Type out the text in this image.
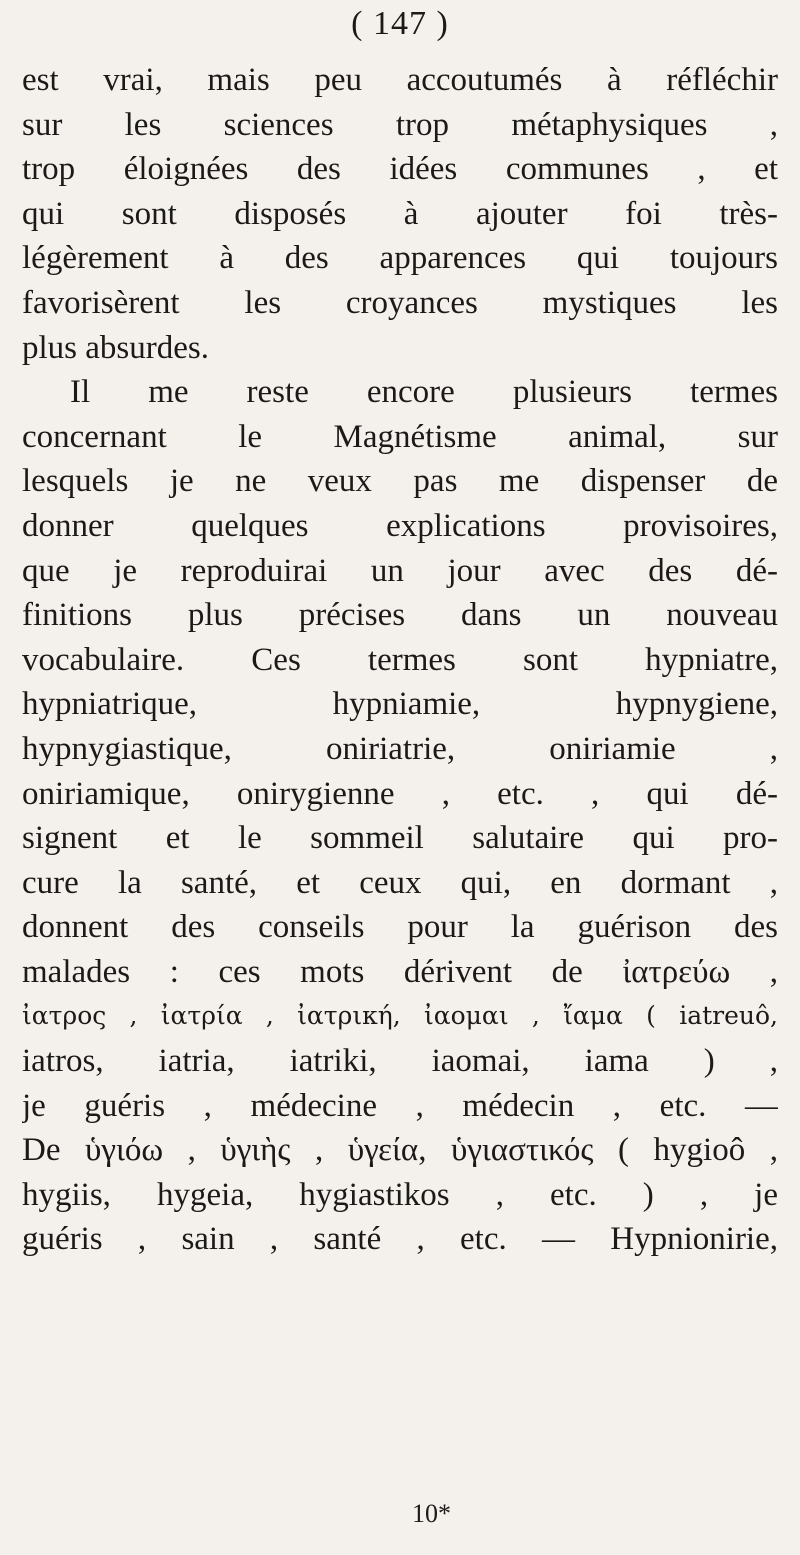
( 147 )
est vrai, mais peu accoutumés à réfléchir
sur les sciences trop métaphysiques ,
trop éloignées des idées communes , et
qui sont disposés à ajouter foi très-
légèrement à des apparences qui toujours
favorisèrent les croyances mystiques les
plus absurdes.
Il me reste encore plusieurs termes
concernant le Magnétisme animal, sur
lesquels je ne veux pas me dispenser de
donner quelques explications provisoires,
que je reproduirai un jour avec des dé-
finitions plus précises dans un nouveau
vocabulaire. Ces termes sont hypniatre,
hypniatrique, hypniamie, hypnygiene,
hypnygiastique, oniriatrie, oniriamie ,
oniriamique, onirygienne , etc. , qui dé-
signent et le sommeil salutaire qui pro-
cure la santé, et ceux qui, en dormant ,
donnent des conseils pour la guérison des
malades : ces mots dérivent de ἰατρεύω ,
ἰατρος , ἰατρία , ἰατρική, ἰαομαι , ἴαμα ( iatreuô,
iatros, iatria, iatriki, iaomai, iama ) ,
je guéris , médecine , médecin , etc. —
De ὑγιόω , ὑγιὴς , ὑγεία, ὑγιαστικός ( hygioô ,
hygiis, hygeia, hygiastikos , etc. ) , je
guéris , sain , santé , etc. — Hypnionirie,
10*
